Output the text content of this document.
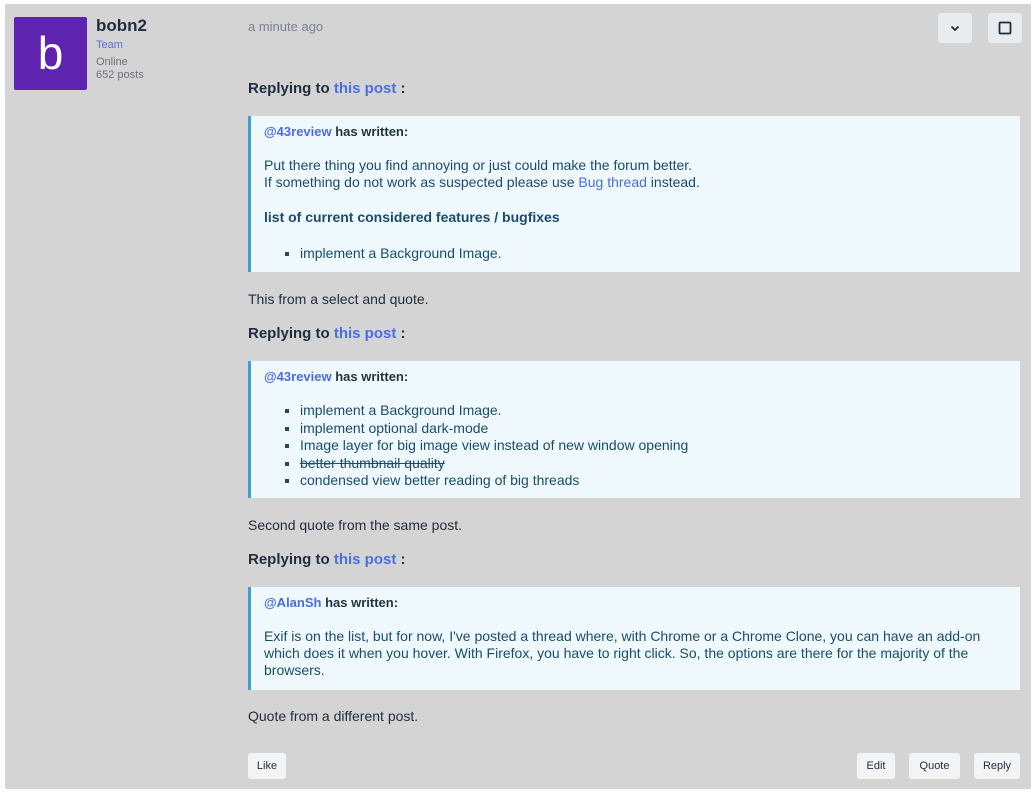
b
bobn2
Team
Online
652 posts
a minute ago
Replying to this post :
@43review has written:

Put there thing you find annoying or just could make the forum better.

If something do not work as suspected please use Bug thread instead.

list of current considered features / bugfixes

▪ implement a Background Image.
This from a select and quote.
Replying to this post :
@43review has written:
▪ implement a Background Image.
▪ implement optional dark-mode
▪ Image layer for big image view instead of new window opening
▪ better thumbnail quality
▪ condensed view better reading of big threads
Second quote from the same post.
Replying to this post :
@AlanSh has written:

Exif is on the list, but for now, I've posted a thread where, with Chrome or a Chrome Clone, you can have an add-on which does it when you hover. With Firefox, you have to right click. So, the options are there for the majority of the browsers.

Quote from a different post.
Like	Edit	Quote	Reply
